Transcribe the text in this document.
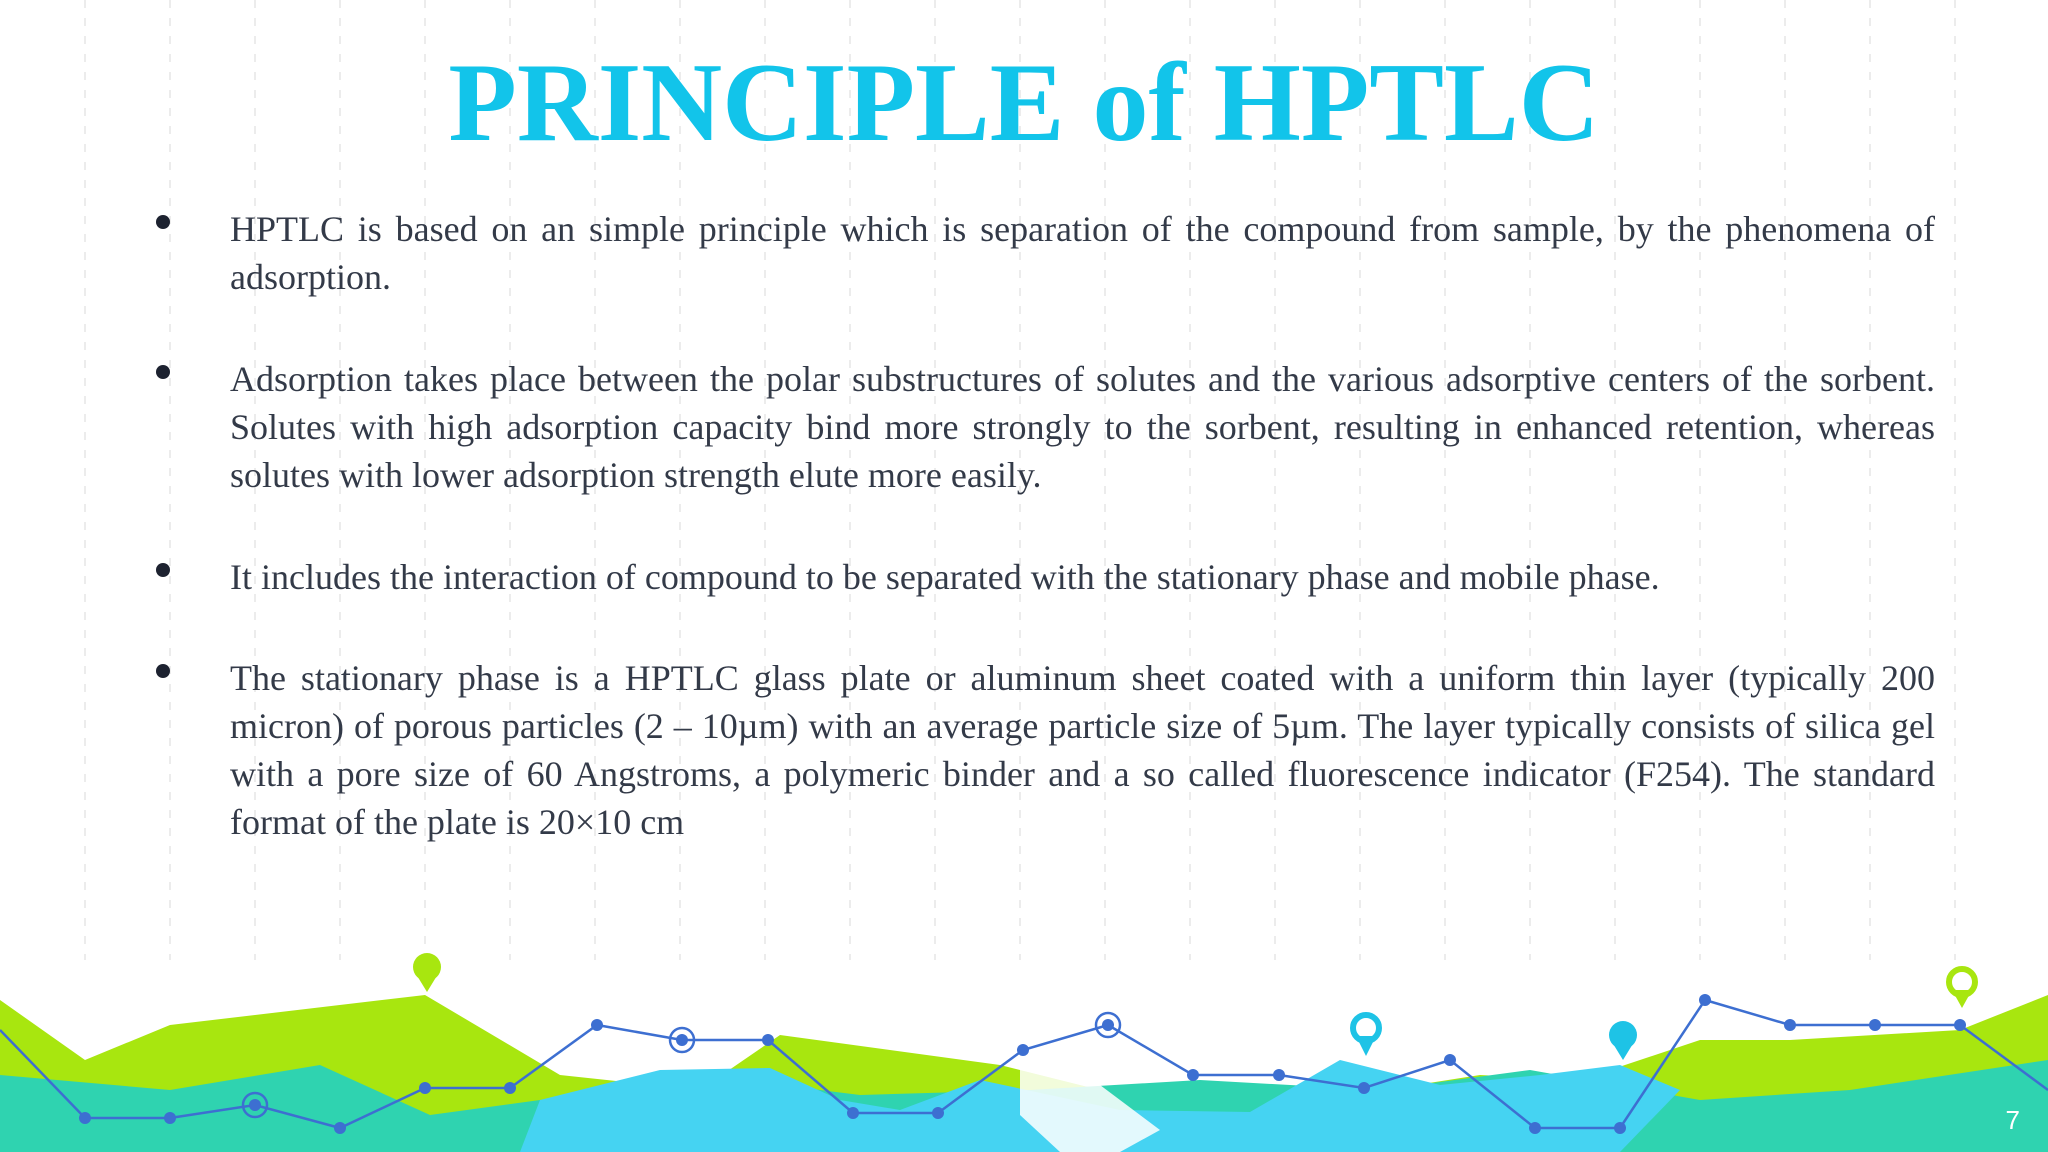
PRINCIPLE of HPTLC
HPTLC is based on an simple principle which is separation of the compound from sample, by the phenomena of adsorption.
Adsorption takes place between the polar substructures of solutes and the various adsorptive centers of the sorbent. Solutes with high adsorption capacity bind more strongly to the sorbent, resulting in enhanced retention, whereas solutes with lower adsorption strength elute more easily.
It includes the interaction of compound to be separated with the stationary phase and mobile phase.
The stationary phase is a HPTLC glass plate or aluminum sheet coated with a uniform thin layer (typically 200 micron) of porous particles (2 – 10µm) with an average particle size of 5µm. The layer typically consists of silica gel with a pore size of 60 Angstroms, a polymeric binder and a so called fluorescence indicator (F254). The standard format of the plate is 20×10 cm
7
